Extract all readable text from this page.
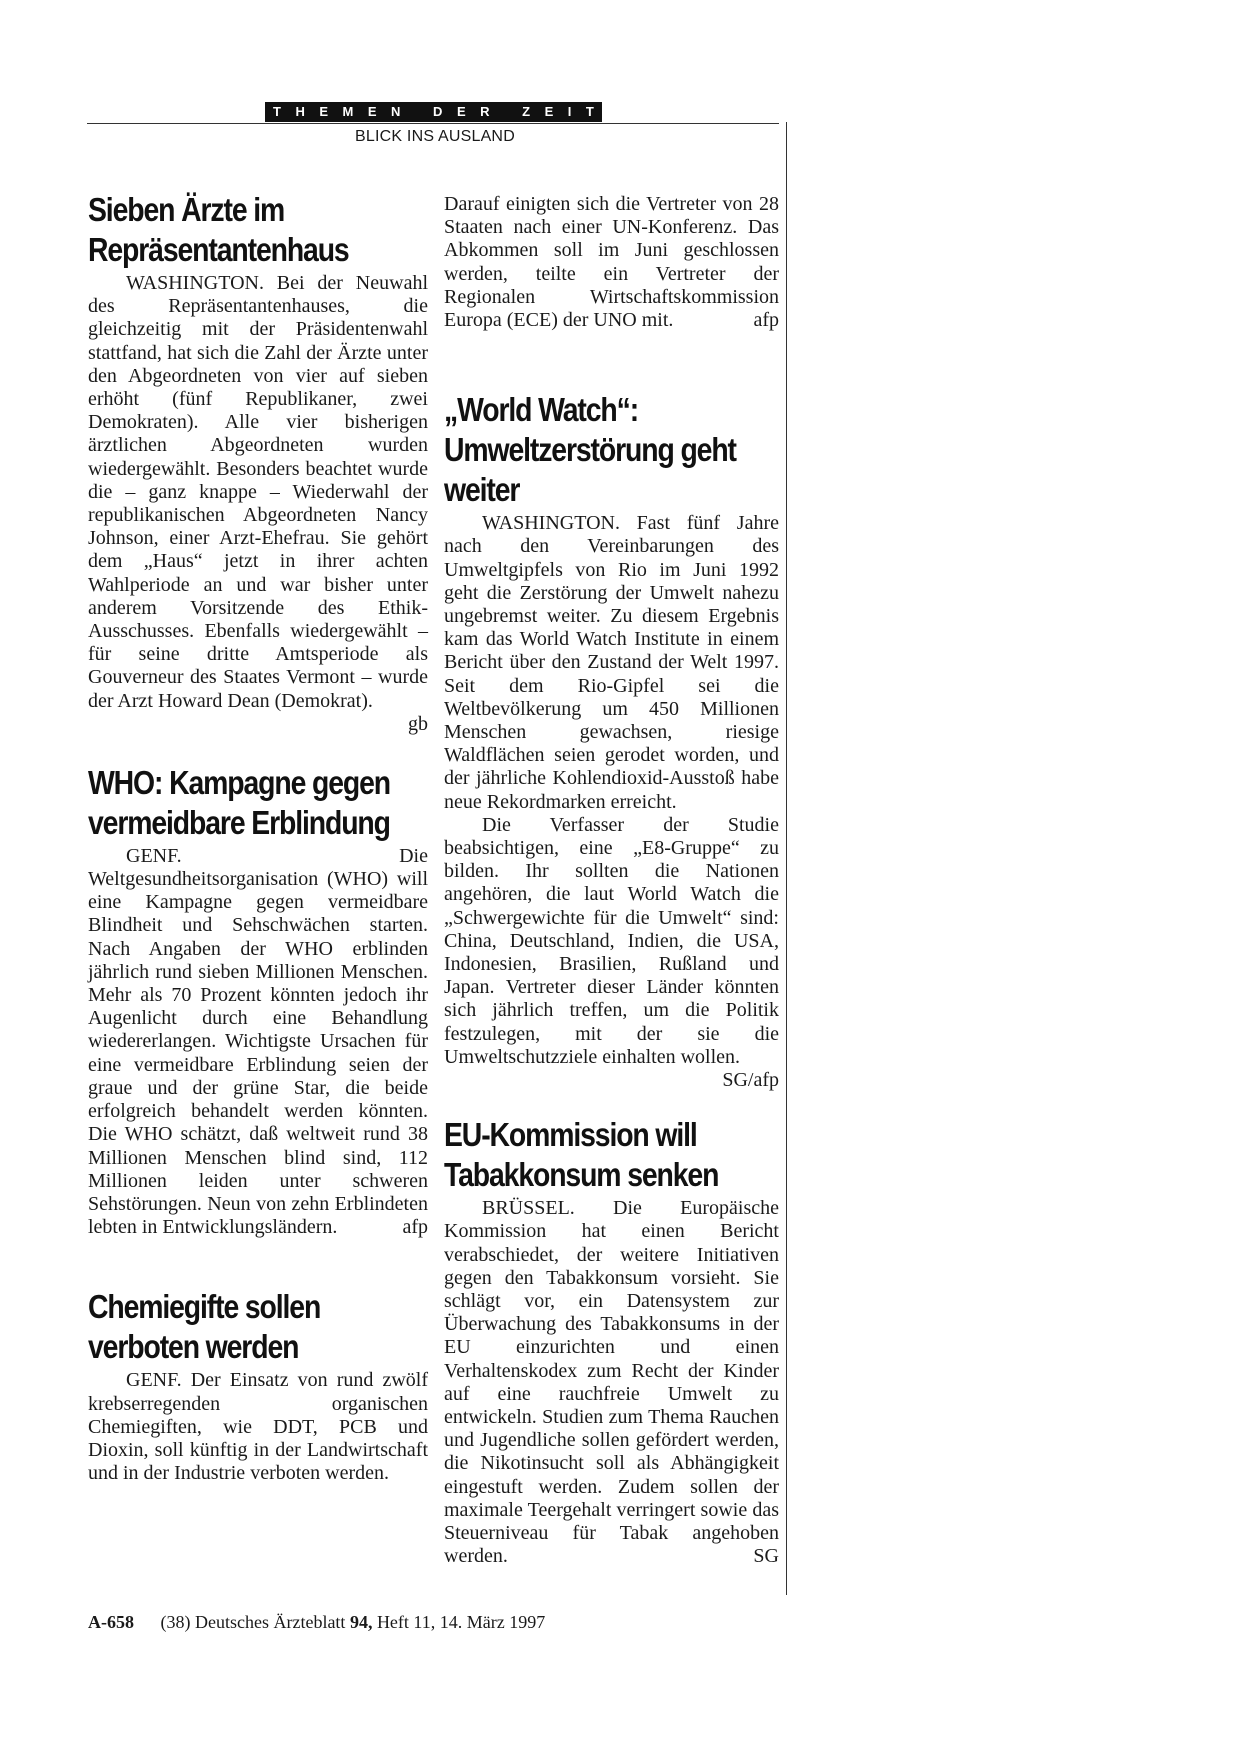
T H E M E N
	D E R
	Z E I T
BLICK INS AUSLAND
Sieben Ärzte im Repräsentantenhaus

WASHINGTON. Bei der Neuwahl des Repräsentantenhauses, die gleichzeitig mit der Präsidentenwahl stattfand, hat sich die Zahl der Ärzte unter den Abgeordneten von vier auf sieben erhöht (fünf Republikaner, zwei Demokraten). Alle vier bisherigen ärztlichen Abgeordneten wurden wiedergewählt. Besonders beachtet wurde die – ganz knappe – Wiederwahl der republikanischen Abgeordneten Nancy Johnson, einer Arzt-Ehefrau. Sie gehört dem „Haus“ jetzt in ihrer achten Wahlperiode an und war bisher unter anderem Vorsitzende des Ethik-Ausschusses. Ebenfalls wiedergewählt – für seine dritte Amtsperiode als Gouverneur des Staates Vermont – wurde der Arzt Howard Dean (Demokrat).
gb

WHO: Kampagne gegen vermeidbare Erblindung

GENF. Die Weltgesundheitsorganisation (WHO) will eine Kampagne gegen vermeidbare Blindheit und Sehschwächen starten. Nach Angaben der WHO erblinden jährlich rund sieben Millionen Menschen. Mehr als 70 Prozent könnten jedoch ihr Augenlicht durch eine Behandlung wiedererlangen. Wichtigste Ursachen für eine vermeidbare Erblindung seien der graue und der grüne Star, die beide erfolgreich behandelt werden könnten. Die WHO schätzt, daß weltweit rund 38 Millionen Menschen blind sind, 112 Millionen leiden unter schweren Sehstörungen. Neun von zehn Erblindeten lebten in Entwicklungsländern.	afp

Chemiegifte sollen verboten werden

GENF. Der Einsatz von rund zwölf krebserregenden organischen Chemiegiften, wie DDT, PCB und Dioxin, soll künftig in der Landwirtschaft und in der Industrie verboten werden.

Darauf einigten sich die Vertreter von 28 Staaten nach einer UN-Konferenz. Das Abkommen soll im Juni geschlossen werden, teilte ein Vertreter der Regionalen Wirtschaftskommission Europa (ECE) der UNO mit.	afp

„World Watch“: Umweltzerstörung geht weiter

WASHINGTON. Fast fünf Jahre nach den Vereinbarungen des Umweltgipfels von Rio im Juni 1992 geht die Zerstörung der Umwelt nahezu ungebremst weiter. Zu diesem Ergebnis kam das World Watch Institute in einem Bericht über den Zustand der Welt 1997. Seit dem Rio-Gipfel sei die Weltbevölkerung um 450 Millionen Menschen gewachsen, riesige Waldflächen seien gerodet worden, und der jährliche Kohlendioxid-Ausstoß habe neue Rekordmarken erreicht.

Die Verfasser der Studie beabsichtigen, eine „E8-Gruppe“ zu bilden. Ihr sollten die Nationen angehören, die laut World Watch die „Schwergewichte für die Umwelt“ sind: China, Deutschland, Indien, die USA, Indonesien, Brasilien, Rußland und Japan. Vertreter dieser Länder könnten sich jährlich treffen, um die Politik festzulegen, mit der sie die Umweltschutzziele einhalten wollen.
SG/afp

EU-Kommission will Tabakkonsum senken

BRÜSSEL. Die Europäische Kommission hat einen Bericht verabschiedet, der weitere Initiativen gegen den Tabakkonsum vorsieht. Sie schlägt vor, ein Datensystem zur Überwachung des Tabakkonsums in der EU einzurichten und einen Verhaltenskodex zum Recht der Kinder auf eine rauchfreie Umwelt zu entwickeln. Studien zum Thema Rauchen und Jugendliche sollen gefördert werden, die Nikotinsucht soll als Abhängigkeit eingestuft werden. Zudem sollen der maximale Teergehalt verringert sowie das Steuerniveau für Tabak angehoben werden.	SG

A-658 (38) Deutsches Ärzteblatt 94, Heft 11, 14. März 1997
